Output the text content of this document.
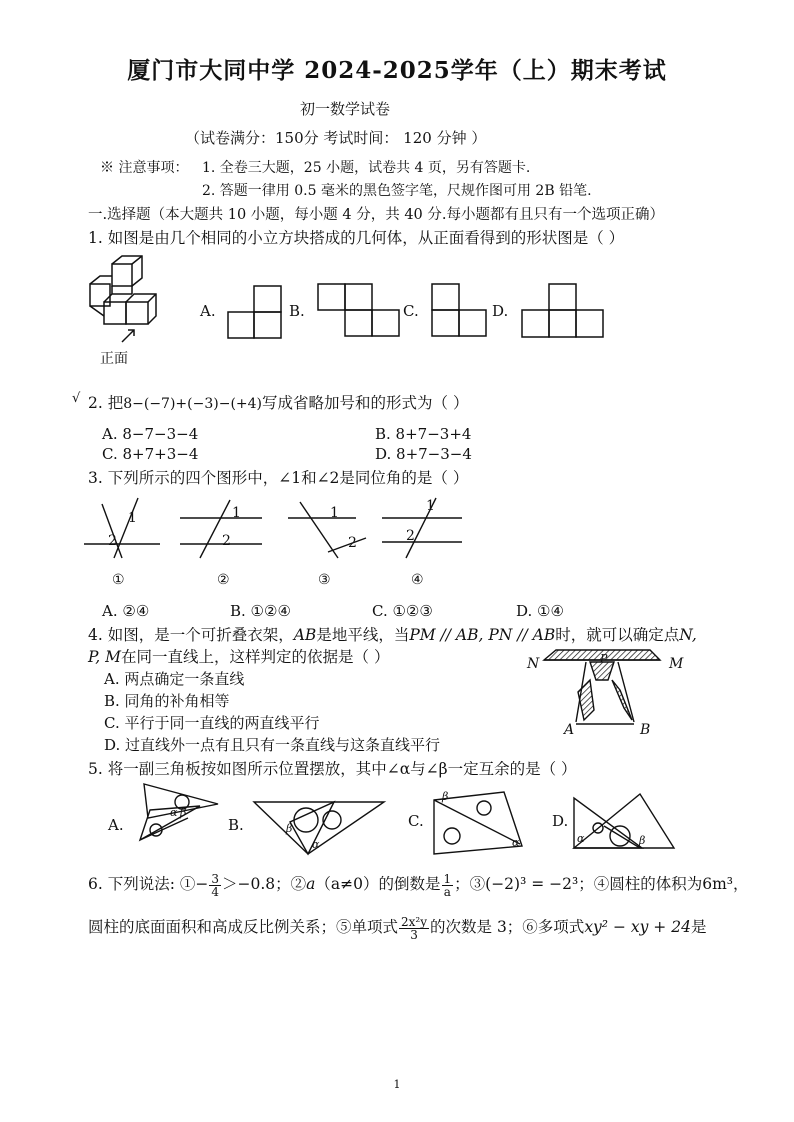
厦门市大同中学 2024-2025学年（上）期末考试
初一数学试卷
（试卷满分：150分 考试时间： 120 分钟 ）
※ 注意事项： 1. 全卷三大题，25 小题，试卷共 4 页，另有答题卡.
2. 答题一律用 0.5 毫米的黑色签字笔，尺规作图可用 2B 铅笔.
一.选择题（本大题共 10 小题，每小题 4 分，共 40 分.每小题都有且只有一个选项正确）
1. 如图是由几个相同的小立方块搭成的几何体，从正面看得到的形状图是（ ）
正面
A.	B.	C.	D.
√ 2. 把8−(−7)+(−3)−(+4)写成省略加号和的形式为（ ）
A. 8−7−3−4	B. 8+7−3+4
C. 8+7+3−4	D. 8+7−3−4
3. 下列所示的四个图形中，∠1和∠2是同位角的是（ ）
1
2
1
2
1
2
1
2
①	②	③	④
A. ②④	B. ①②④	C. ①②③	D. ①④
4. 如图，是一个可折叠衣架，AB是地平线，当PM // AB, PN // AB时，就可以确定点N,
P, M在同一直线上，这样判定的依据是（ ）
A. 两点确定一条直线
B. 同角的补角相等
C. 平行于同一直线的两直线平行
D. 过直线外一点有且只有一条直线与这条直线平行
N	P	M
A	B
5. 将一副三角板按如图所示位置摆放，其中∠α与∠β一定互余的是（ ）
A.
α β
B.	β
α
C.
β
α
D.
α	β
6. 下列说法: ①− $\frac{3}{4} >-0.8$；②a（a≠0）的倒数是 $\frac{1}{a}$ ；③(−2)³ = −2³；④圆柱的体积为6m³，
圆柱的底面面积和高成反比例关系；⑤单项式 $\frac{\text{2x²y}}{3}$ 的次数是 3；⑥多项式xy² − xy + 24是
1
